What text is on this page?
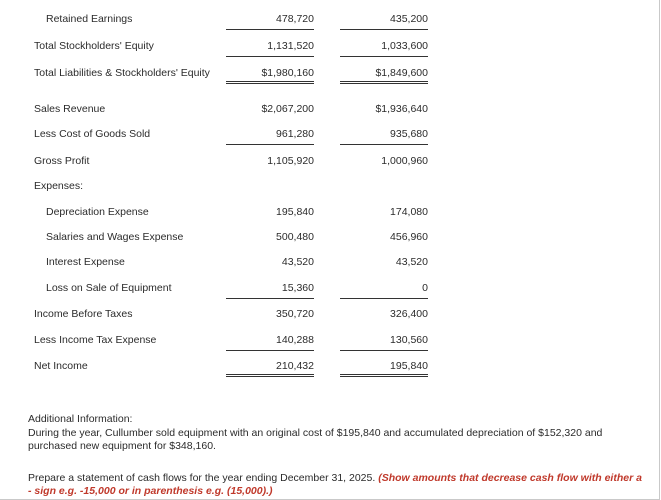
Retained Earnings	478,720	435,200
Total Stockholders' Equity	1,131,520	1,033,600
Total Liabilities & Stockholders' Equity	$1,980,160	$1,849,600
Sales Revenue	$2,067,200	$1,936,640
Less Cost of Goods Sold	961,280	935,680
Gross Profit	1,105,920	1,000,960
Expenses:
Depreciation Expense	195,840	174,080
Salaries and Wages Expense	500,480	456,960
Interest Expense	43,520	43,520
Loss on Sale of Equipment	15,360	0
Income Before Taxes	350,720	326,400
Less Income Tax Expense	140,288	130,560
Net Income	210,432	195,840
Additional Information:
During the year, Cullumber sold equipment with an original cost of $195,840 and accumulated depreciation of $152,320 and purchased new equipment for $348,160.
Prepare a statement of cash flows for the year ending December 31, 2025. (Show amounts that decrease cash flow with either a - sign e.g. -15,000 or in parenthesis e.g. (15,000).)
